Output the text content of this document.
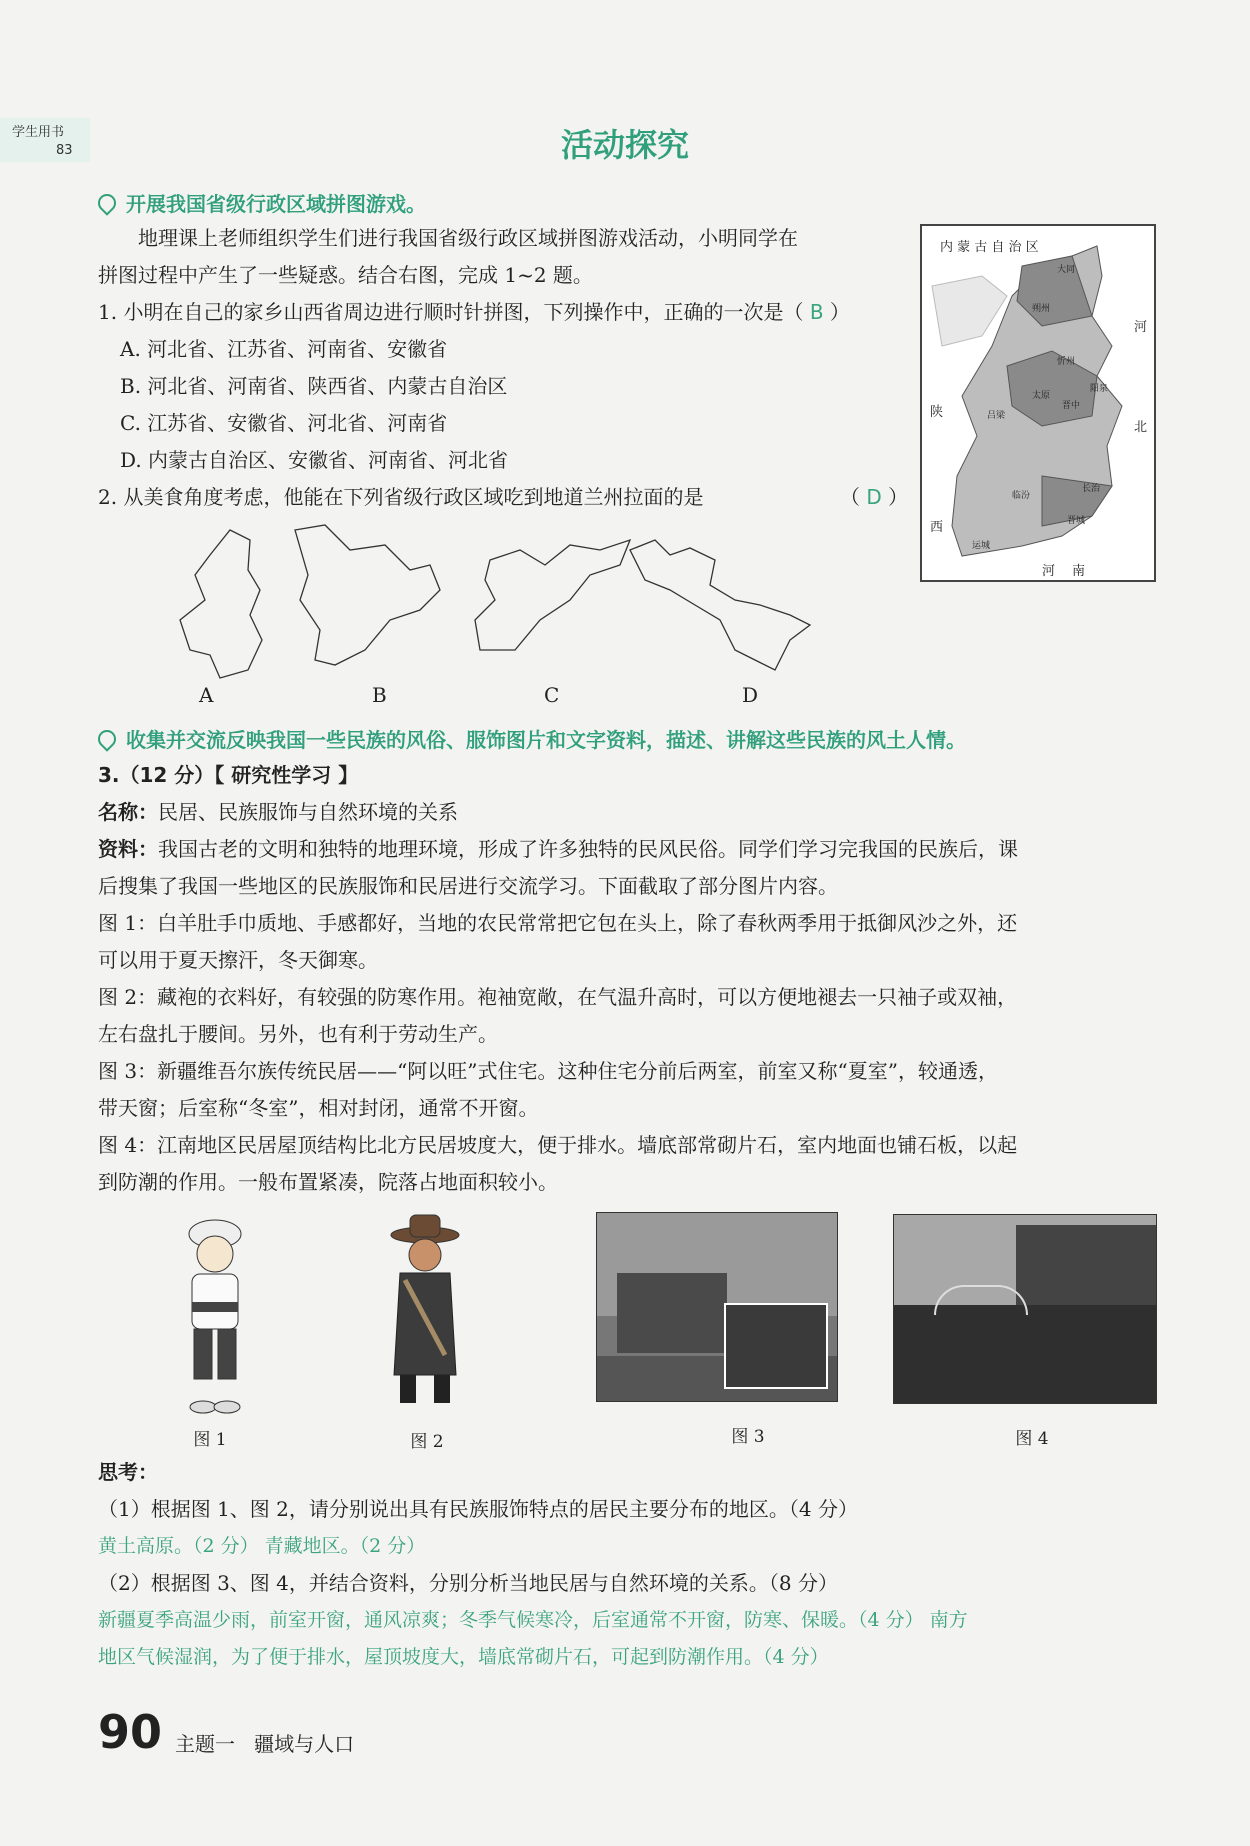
学生用书
83	活动探究
开展我国省级行政区域拼图游戏。
地理课上老师组织学生们进行我国省级行政区域拼图游戏活动，小明同学在
拼图过程中产生了一些疑惑。结合右图，完成 1~2 题。
1. 小明在自己的家乡山西省周边进行顺时针拼图，下列操作中，正确的一次是（ B ）
A. 河北省、江苏省、河南省、安徽省
B. 河北省、河南省、陕西省、内蒙古自治区
C. 江苏省、安徽省、河北省、河南省
D. 内蒙古自治区、安徽省、河南省、河北省
2. 从美食角度考虑，他能在下列省级行政区域吃到地道兰州拉面的是	（ D ）
A	B	C	D
内 蒙 古 自 治 区
河
北
陕
西
河 南
大同
朔州
忻州
阳泉
太原
晋中
吕梁
临汾
长治
晋城
运城
收集并交流反映我国一些民族的风俗、服饰图片和文字资料，描述、讲解这些民族的风土人情。
3.（12 分）【 研究性学习 】
名称：民居、民族服饰与自然环境的关系
资料：我国古老的文明和独特的地理环境，形成了许多独特的民风民俗。同学们学习完我国的民族后，课
后搜集了我国一些地区的民族服饰和民居进行交流学习。下面截取了部分图片内容。
图 1：白羊肚手巾质地、手感都好，当地的农民常常把它包在头上，除了春秋两季用于抵御风沙之外，还
可以用于夏天擦汗，冬天御寒。
图 2：藏袍的衣料好，有较强的防寒作用。袍袖宽敞，在气温升高时，可以方便地褪去一只袖子或双袖，
左右盘扎于腰间。另外，也有利于劳动生产。
图 3：新疆维吾尔族传统民居——“阿以旺”式住宅。这种住宅分前后两室，前室又称“夏室”，较通透，
带天窗；后室称“冬室”，相对封闭，通常不开窗。
图 4：江南地区民居屋顶结构比北方民居坡度大，便于排水。墙底部常砌片石，室内地面也铺石板，以起
到防潮的作用。一般布置紧凑，院落占地面积较小。
图 1	图 2	图 3	图 4
思考：
（1）根据图 1、图 2，请分别说出具有民族服饰特点的居民主要分布的地区。（4 分）
黄土高原。（2 分） 青藏地区。（2 分）
（2）根据图 3、图 4，并结合资料，分别分析当地民居与自然环境的关系。（8 分）
新疆夏季高温少雨，前室开窗，通风凉爽；冬季气候寒冷，后室通常不开窗，防寒、保暖。（4 分） 南方
地区气候湿润，为了便于排水，屋顶坡度大，墙底常砌片石，可起到防潮作用。（4 分）
90 主题一 疆域与人口
